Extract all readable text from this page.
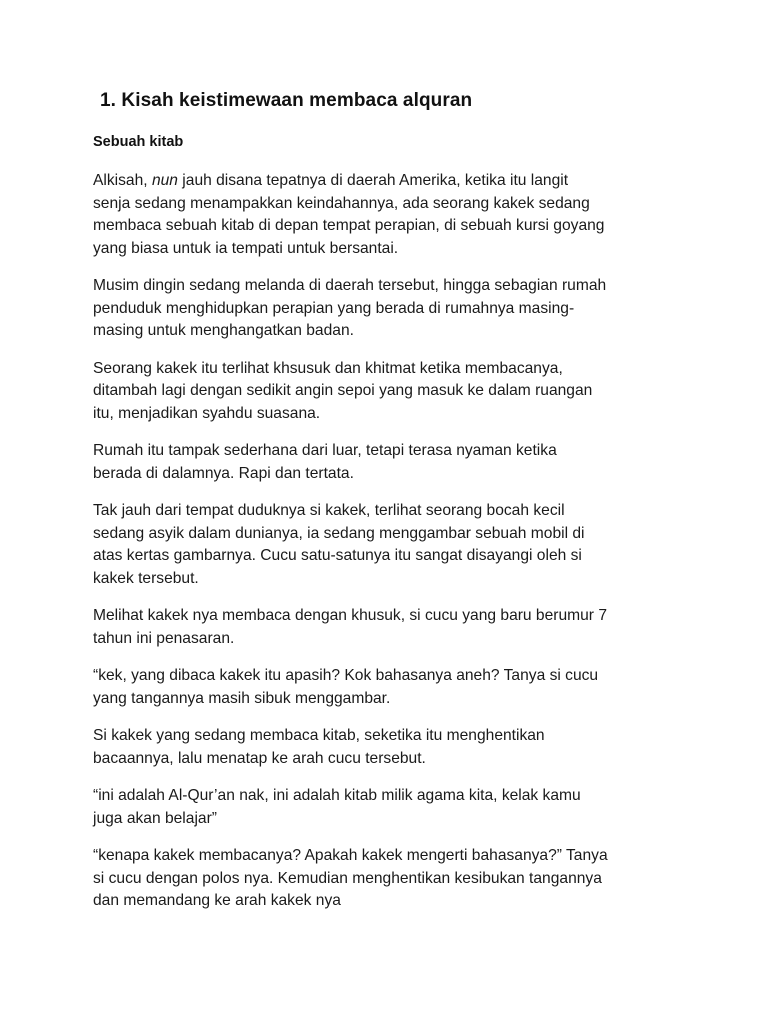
1. Kisah keistimewaan membaca alquran
Sebuah kitab

Alkisah, nun jauh disana tepatnya di daerah Amerika, ketika itu langit
senja sedang menampakkan keindahannya, ada seorang kakek sedang
membaca sebuah kitab di depan tempat perapian, di sebuah kursi goyang
yang biasa untuk ia tempati untuk bersantai.

Musim dingin sedang melanda di daerah tersebut, hingga sebagian rumah
penduduk menghidupkan perapian yang berada di rumahnya masing-
masing untuk menghangatkan badan.

Seorang kakek itu terlihat khsusuk dan khitmat ketika membacanya,
ditambah lagi dengan sedikit angin sepoi yang masuk ke dalam ruangan
itu, menjadikan syahdu suasana.

Rumah itu tampak sederhana dari luar, tetapi terasa nyaman ketika
berada di dalamnya. Rapi dan tertata.

Tak jauh dari tempat duduknya si kakek, terlihat seorang bocah kecil
sedang asyik dalam dunianya, ia sedang menggambar sebuah mobil di
atas kertas gambarnya. Cucu satu-satunya itu sangat disayangi oleh si
kakek tersebut.

Melihat kakek nya membaca dengan khusuk, si cucu yang baru berumur 7
tahun ini penasaran.

“kek, yang dibaca kakek itu apasih? Kok bahasanya aneh? Tanya si cucu
yang tangannya masih sibuk menggambar.

Si kakek yang sedang membaca kitab, seketika itu menghentikan
bacaannya, lalu menatap ke arah cucu tersebut.

“ini adalah Al-Qur’an nak, ini adalah kitab milik agama kita, kelak kamu
juga akan belajar”

“kenapa kakek membacanya? Apakah kakek mengerti bahasanya?” Tanya
si cucu dengan polos nya. Kemudian menghentikan kesibukan tangannya
dan memandang ke arah kakek nya
